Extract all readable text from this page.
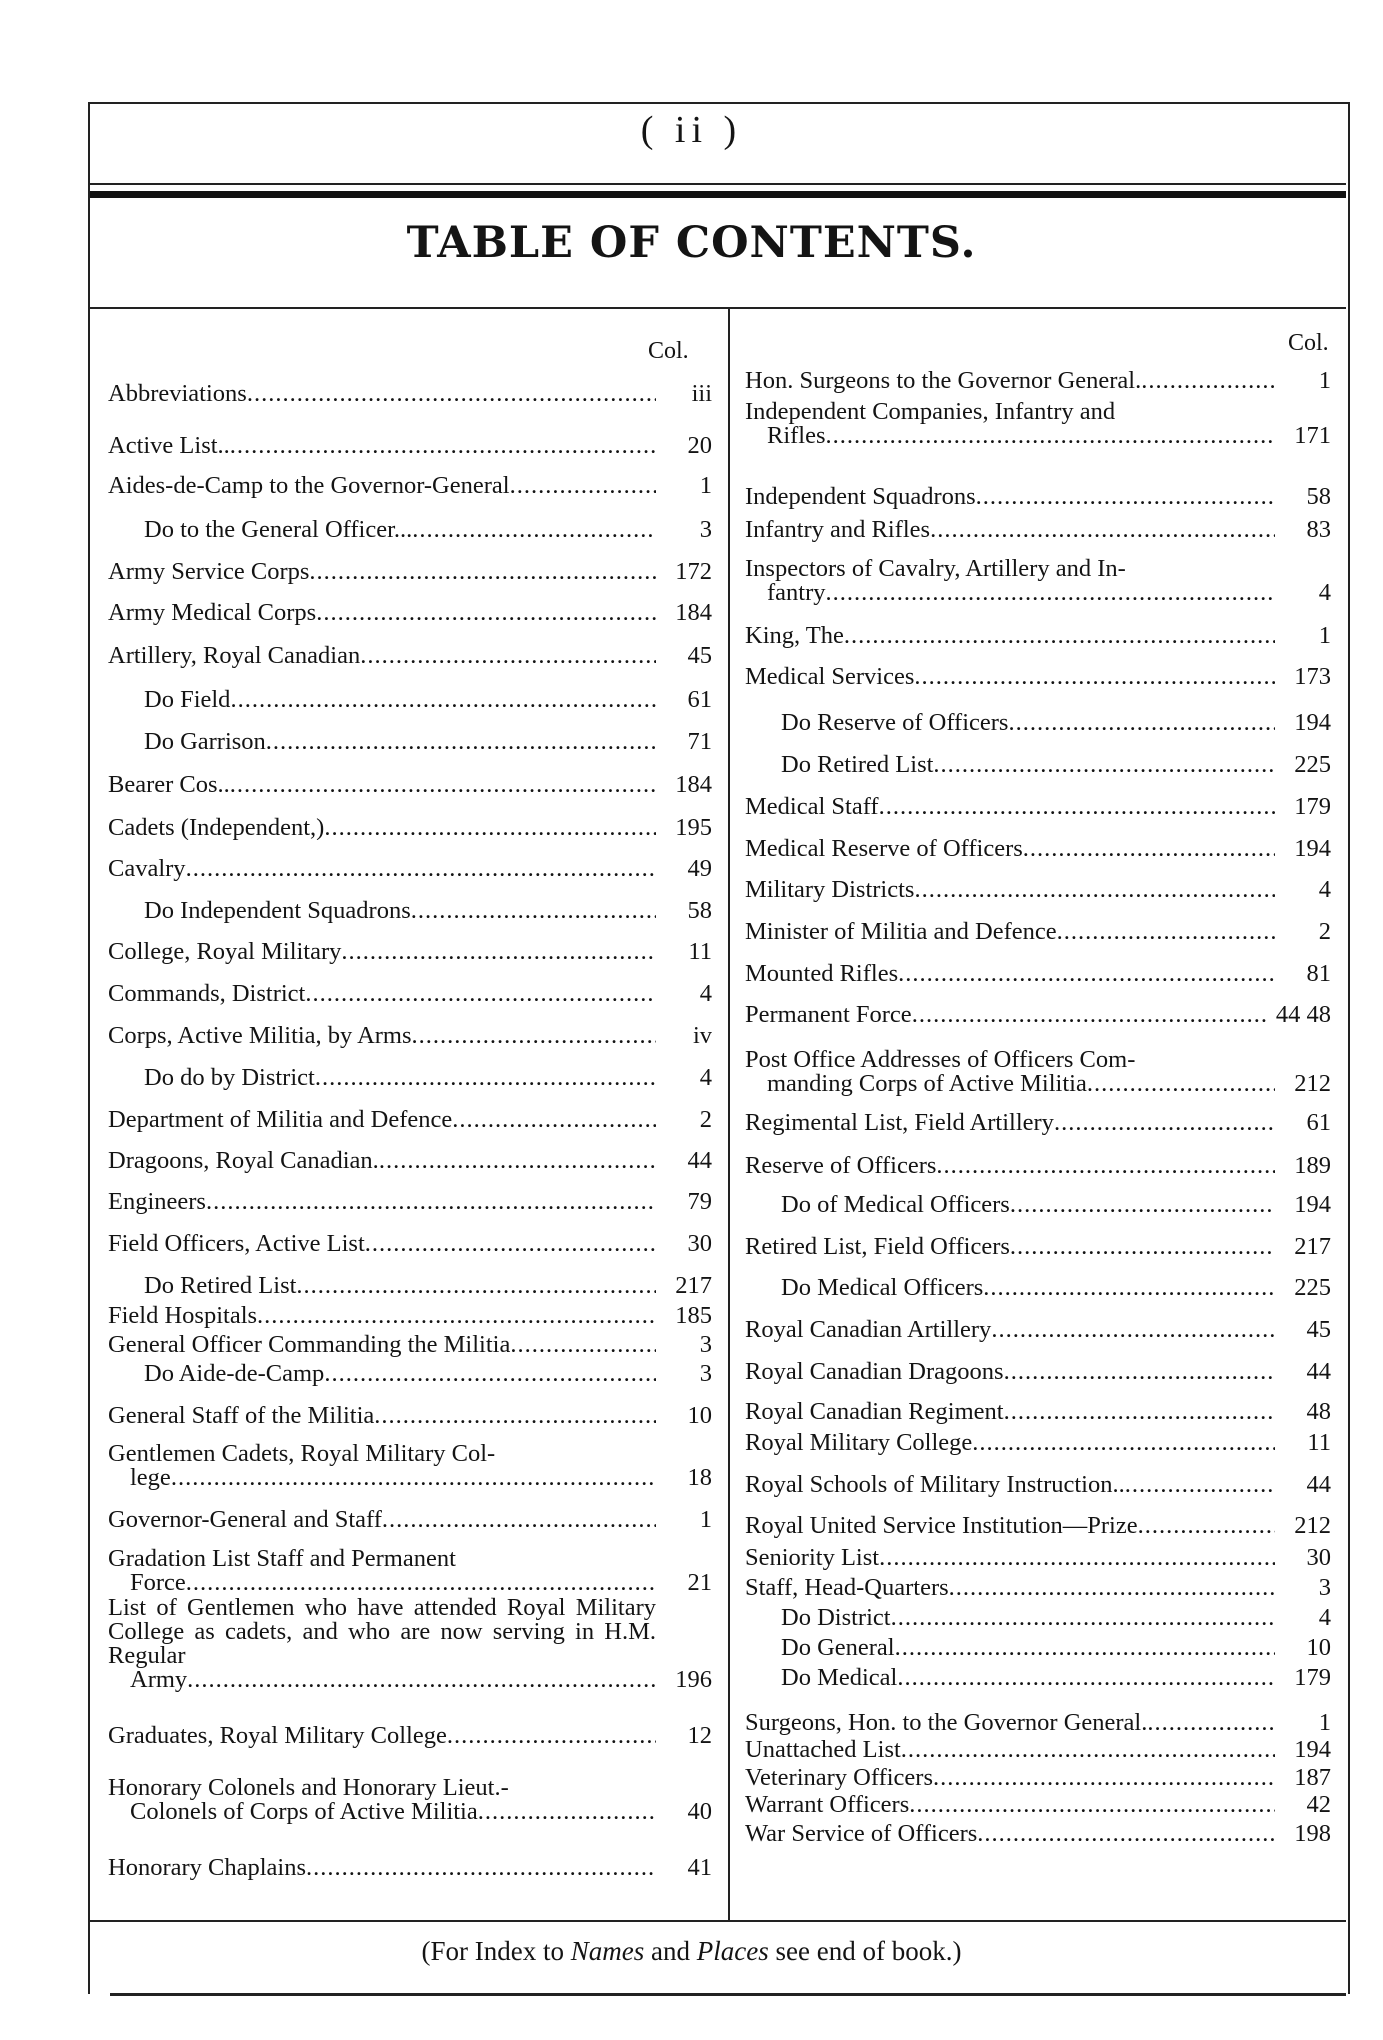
( ii )
TABLE OF CONTENTS.
Col.	Col.
Abbreviations .....	iii
Active List.. .....	20
Aides-de-Camp to the Governor-General .....	1
Do to the General Officer... .....	3
Army Service Corps .....	172
Army Medical Corps .....	184
Artillery, Royal Canadian .....	45
Do Field .....	61
Do Garrison .....	71
Bearer Cos.. .....	184
Cadets (Independent,) .....	195
Cavalry .....	49
Do Independent Squadrons .....	58
College, Royal Military .....	11
Commands, District .....	4
Corps, Active Militia, by Arms .....	iv
Do do by District .....	4
Department of Militia and Defence .....	2
Dragoons, Royal Canadian. .....	44
Engineers .....	79
Field Officers, Active List .....	30
Do Retired List .....	217
Field Hospitals .....	185
General Officer Commanding the Militia .....	3
Do Aide-de-Camp .....	3
General Staff of the Militia .....	10
Gentlemen Cadets, Royal Military Col-
lege .....	18
Governor-General and Staff .....	1
Gradation List Staff and Permanent
Force .....	21
List of Gentlemen who have attended Royal Military College as cadets, and who are now serving in H.M. Regular
Army .....	196
Graduates, Royal Military College .....	12
Honorary Colonels and Honorary Lieut.-
Colonels of Corps of Active Militia .....	40
Honorary Chaplains .....	41
Hon. Surgeons to the Governor General. .....	1
Independent Companies, Infantry and
Rifles .....	171
Independent Squadrons .....	58
Infantry and Rifles .....	83
Inspectors of Cavalry, Artillery and In-
fantry .....	4
King, The .....	1
Medical Services .....	173
Do Reserve of Officers .....	194
Do Retired List .....	225
Medical Staff .....	179
Medical Reserve of Officers .....	194
Military Districts .....	4
Minister of Militia and Defence .....	2
Mounted Rifles .....	81
Permanent Force .....	44 48
Post Office Addresses of Officers Com-
manding Corps of Active Militia .....	212
Regimental List, Field Artillery .....	61
Reserve of Officers .....	189
Do of Medical Officers .....	194
Retired List, Field Officers .....	217
Do Medical Officers .....	225
Royal Canadian Artillery .....	45
Royal Canadian Dragoons .....	44
Royal Canadian Regiment .....	48
Royal Military College .....	11
Royal Schools of Military Instruction.. .....	44
Royal United Service Institution—Prize .....	212
Seniority List .....	30
Staff, Head-Quarters .....	3
Do District .....	4
Do General .....	10
Do Medical .....	179
Surgeons, Hon. to the Governor General. .....	1
Unattached List .....	194
Veterinary Officers .....	187
Warrant Officers .....	42
War Service of Officers .....	198
(For Index to Names and Places see end of book.)
